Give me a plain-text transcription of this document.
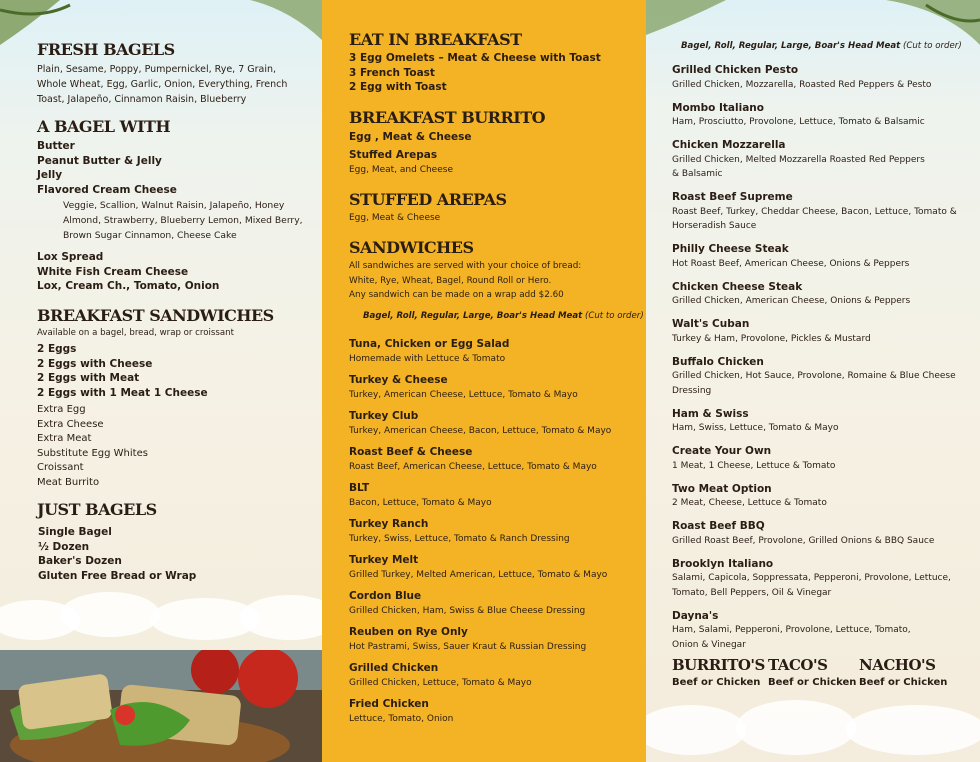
FRESH BAGELS
Plain, Sesame, Poppy, Pumpernickel, Rye, 7 Grain, Whole Wheat, Egg, Garlic, Onion, Everything, French Toast, Jalapeño, Cinnamon Raisin, Blueberry
A BAGEL WITH
Butter
Peanut Butter & Jelly
Jelly
Flavored Cream Cheese
Veggie, Scallion, Walnut Raisin, Jalapeño, Honey Almond, Strawberry, Blueberry Lemon, Mixed Berry, Brown Sugar Cinnamon, Cheese Cake
Lox Spread
White Fish Cream Cheese
Lox, Cream Ch., Tomato, Onion
BREAKFAST SANDWICHES
Available on a bagel, bread, wrap or croissant
2 Eggs
2 Eggs with Cheese
2 Eggs with Meat
2 Eggs with 1 Meat 1 Cheese
Extra Egg
Extra Cheese
Extra Meat
Substitute Egg Whites
Croissant
Meat Burrito
JUST BAGELS
Single Bagel
½ Dozen
Baker's Dozen
Gluten Free Bread or Wrap
EAT IN BREAKFAST
3 Egg Omelets – Meat & Cheese with Toast
3 French Toast
2 Egg with Toast
BREAKFAST BURRITO
Egg , Meat & Cheese
Stuffed Arepas
Egg, Meat, and Cheese
STUFFED AREPAS
Egg, Meat & Cheese
SANDWICHES
All sandwiches are served with your choice of bread:
White, Rye, Wheat, Bagel, Round Roll or Hero.
Any sandwich can be made on a wrap add $2.60
Bagel, Roll, Regular, Large, Boar's Head Meat (Cut to order)
Tuna, Chicken or Egg Salad
Homemade with Lettuce & Tomato
Turkey & Cheese
Turkey, American Cheese, Lettuce, Tomato & Mayo
Turkey Club
Turkey, American Cheese, Bacon, Lettuce, Tomato & Mayo
Roast Beef & Cheese
Roast Beef, American Cheese, Lettuce, Tomato & Mayo
BLT
Bacon, Lettuce, Tomato & Mayo
Turkey Ranch
Turkey, Swiss, Lettuce, Tomato & Ranch Dressing
Turkey Melt
Grilled Turkey, Melted American, Lettuce, Tomato & Mayo
Cordon Blue
Grilled Chicken, Ham, Swiss & Blue Cheese Dressing
Reuben on Rye Only
Hot Pastrami, Swiss, Sauer Kraut & Russian Dressing
Grilled Chicken
Grilled Chicken, Lettuce, Tomato & Mayo
Fried Chicken
Lettuce, Tomato, Onion
Bagel, Roll, Regular, Large, Boar's Head Meat (Cut to order)
Grilled Chicken Pesto
Grilled Chicken, Mozzarella, Roasted Red Peppers & Pesto
Mombo Italiano
Ham, Prosciutto, Provolone, Lettuce, Tomato & Balsamic
Chicken Mozzarella
Grilled Chicken, Melted Mozzarella Roasted Red Peppers
& Balsamic
Roast Beef Supreme
Roast Beef, Turkey, Cheddar Cheese, Bacon, Lettuce, Tomato &
Horseradish Sauce
Philly Cheese Steak
Hot Roast Beef, American Cheese, Onions & Peppers
Chicken Cheese Steak
Grilled Chicken, American Cheese, Onions & Peppers
Walt's Cuban
Turkey & Ham, Provolone, Pickles & Mustard
Buffalo Chicken
Grilled Chicken, Hot Sauce, Provolone, Romaine & Blue Cheese
Dressing
Ham & Swiss
Ham, Swiss, Lettuce, Tomato & Mayo
Create Your Own
1 Meat, 1 Cheese, Lettuce & Tomato
Two Meat Option
2 Meat, Cheese, Lettuce & Tomato
Roast Beef BBQ
Grilled Roast Beef, Provolone, Grilled Onions & BBQ Sauce
Brooklyn Italiano
Salami, Capicola, Soppressata, Pepperoni, Provolone, Lettuce,
Tomato, Bell Peppers, Oil & Vinegar
Dayna's
Ham, Salami, Pepperoni, Provolone, Lettuce, Tomato,
Onion & Vinegar
BURRITO'S
Beef or Chicken
TACO'S
Beef or Chicken
NACHO'S
Beef or Chicken
